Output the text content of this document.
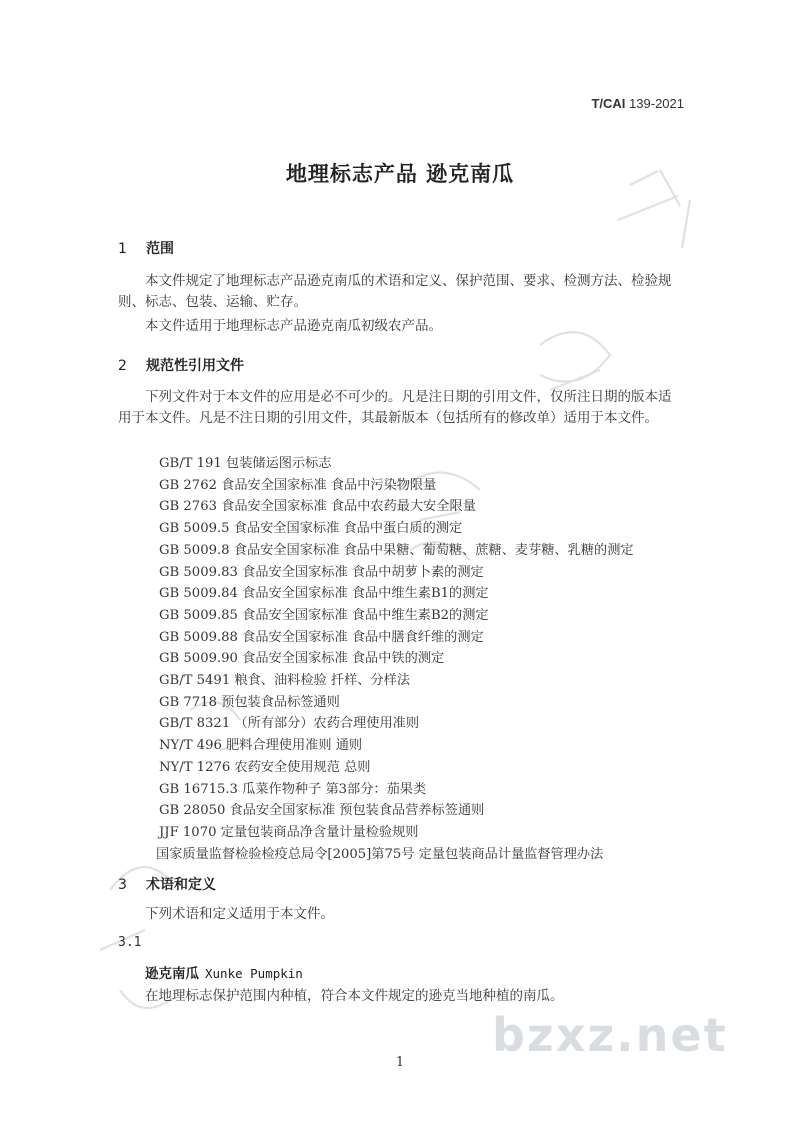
T/CAI 139-2021
地理标志产品 逊克南瓜
1 范围
本文件规定了地理标志产品逊克南瓜的术语和定义、保护范围、要求、检测方法、检验规则、标志、包装、运输、贮存。
本文件适用于地理标志产品逊克南瓜初级农产品。
2 规范性引用文件
下列文件对于本文件的应用是必不可少的。凡是注日期的引用文件，仅所注日期的版本适用于本文件。凡是不注日期的引用文件，其最新版本（包括所有的修改单）适用于本文件。
GB/T 191 包装储运图示标志
GB 2762 食品安全国家标准 食品中污染物限量
GB 2763 食品安全国家标准 食品中农药最大安全限量
GB 5009.5 食品安全国家标准 食品中蛋白质的测定
GB 5009.8 食品安全国家标准 食品中果糖、葡萄糖、蔗糖、麦芽糖、乳糖的测定
GB 5009.83 食品安全国家标准 食品中胡萝卜素的测定
GB 5009.84 食品安全国家标准 食品中维生素B1的测定
GB 5009.85 食品安全国家标准 食品中维生素B2的测定
GB 5009.88 食品安全国家标准 食品中膳食纤维的测定
GB 5009.90 食品安全国家标准 食品中铁的测定
GB/T 5491 粮食、油料检验 扦样、分样法
GB 7718 预包装食品标签通则
GB/T 8321 （所有部分）农药合理使用准则
NY/T 496 肥料合理使用准则 通则
NY/T 1276 农药安全使用规范 总则
GB 16715.3 瓜菜作物种子 第3部分：茄果类
GB 28050 食品安全国家标准 预包装食品营养标签通则
JJF 1070 定量包装商品净含量计量检验规则
国家质量监督检验检疫总局令[2005]第75号 定量包装商品计量监督管理办法
3 术语和定义
下列术语和定义适用于本文件。
3.1
逊克南瓜 Xunke Pumpkin
在地理标志保护范围内种植，符合本文件规定的逊克当地种植的南瓜。
bzxz.net
1
